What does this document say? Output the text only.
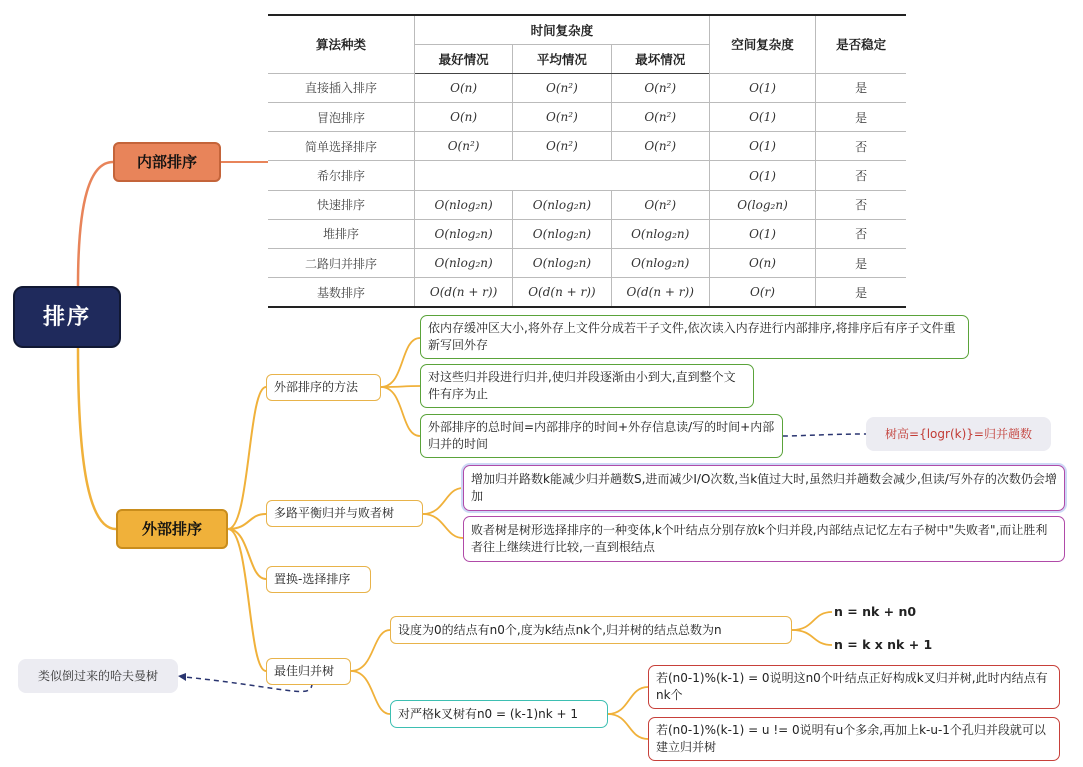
排序
内部排序
算法种类	时间复杂度			空间复杂度	是否稳定
	最好情况	平均情况	最坏情况		
直接插入排序	O(n)	O(n²)	O(n²)	O(1)	是
冒泡排序	O(n)	O(n²)	O(n²)	O(1)	是
简单选择排序	O(n²)	O(n²)	O(n²)	O(1)	否
希尔排序				O(1)	否
快速排序	O(nlog₂n)	O(nlog₂n)	O(n²)	O(log₂n)	否
堆排序	O(nlog₂n)	O(nlog₂n)	O(nlog₂n)	O(1)	否
二路归并排序	O(nlog₂n)	O(nlog₂n)	O(nlog₂n)	O(n)	是
基数排序	O(d(n + r))	O(d(n + r))	O(d(n + r))	O(r)	是
外部排序
外部排序的方法
依内存缓冲区大小,将外存上文件分成若干子文件,依次读入内存进行内部排序,将排序后有序子文件重新写回外存
对这些归并段进行归并,使归并段逐渐由小到大,直到整个文件有序为止
外部排序的总时间=内部排序的时间+外存信息读/写的时间+内部归并的时间
树高={logr(k)}=归并趟数
多路平衡归并与败者树
增加归并路数k能减少归并趟数S,进而减少I/O次数,当k值过大时,虽然归并趟数会减少,但读/写外存的次数仍会增加
败者树是树形选择排序的一种变体,k个叶结点分别存放k个归并段,内部结点记忆左右子树中"失败者",而让胜利者往上继续进行比较,一直到根结点
置换-选择排序
最佳归并树
类似倒过来的哈夫曼树
设度为0的结点有n0个,度为k结点nk个,归并树的结点总数为n
n = nk + n0
n = k x nk + 1
对严格k叉树有n0 = (k-1)nk + 1
若(n0-1)%(k-1) = 0说明这n0个叶结点正好构成k叉归并树,此时内结点有nk个
若(n0-1)%(k-1) = u != 0说明有u个多余,再加上k-u-1个孔归并段就可以建立归并树
